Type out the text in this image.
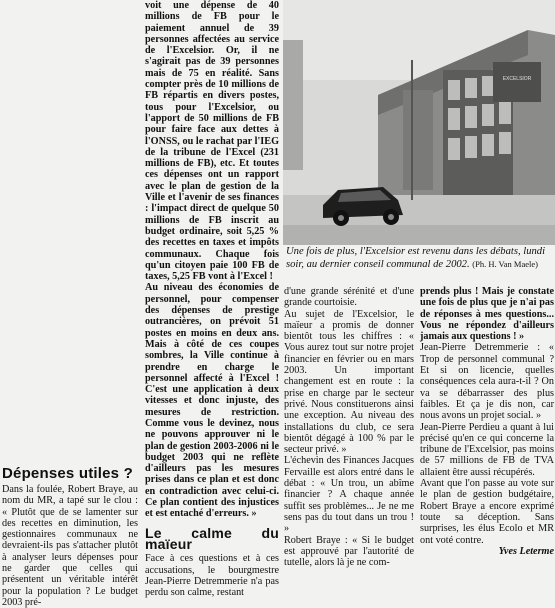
voit une dépense de 40 millions de FB pour le paiement annuel de 39 personnes affectées au service de l'Excelsior. Or, il ne s'agirait pas de 39 personnes mais de 75 en réalité. Sans compter près de 10 millions de FB répartis en divers postes, tous pour l'Excelsior, ou l'apport de 50 millions de FB pour faire face aux dettes à l'ONSS, ou le rachat par l'IEG de la tribune de l'Excel (231 millions de FB), etc. Et toutes ces dépenses ont un rapport avec le plan de gestion de la Ville et l'avenir de ses finances : l'impact direct de quelque 50 millions de FB inscrit au budget ordinaire, soit 5,25 % des recettes en taxes et impôts communaux. Chaque fois qu'un citoyen paie 100 FB de taxes, 5,25 FB vont à l'Excel !

Au niveau des économies de personnel, pour compenser des dépenses de prestige outrancières, on prévoit 51 postes en moins en deux ans. Mais à côté de ces coupes sombres, la Ville continue à prendre en charge le personnel affecté à l'Excel ! C'est une application à deux vitesses et donc injuste, des mesures de restriction. Comme vous le devinez, nous ne pouvons approuver ni le plan de gestion 2003-2006 ni le budget 2003 qui ne reflète d'ailleurs pas les mesures prises dans ce plan et est donc en contradiction avec celui-ci. Ce plan contient des injustices et est entaché d'erreurs. »

Le calme du maïeur

Face à ces questions et à ces accusations, le bourgmestre Jean-Pierre Detremmerie n'a pas perdu son calme, restant

Dépenses utiles ?

Dans la foulée, Robert Braye, au nom du MR, a tapé sur le clou : « Plutôt que de se lamenter sur des recettes en diminution, les gestionnaires communaux ne devraient-ils pas s'attacher plutôt à analyser leurs dépenses pour ne garder que celles qui présentent un véritable intérêt pour la population ? Le budget 2003 pré-

EXCELSIOR
Une fois de plus, l'Excelsior est revenu dans les débats, lundi soir, au dernier conseil communal de 2002. (Ph. H. Van Maele)

d'une grande sérénité et d'une grande courtoisie.

Au sujet de l'Excelsior, le maïeur a promis de donner bientôt tous les chiffres : « Vous aurez tout sur notre projet financier en février ou en mars 2003. Un important changement est en route : la prise en charge par le secteur privé. Nous constituerons ainsi une exception. Au niveau des installations du club, ce sera bientôt dégagé à 100 % par le secteur privé. »

L'échevin des Finances Jacques Fervaille est alors entré dans le débat : « Un trou, un abîme financier ? A chaque année suffit ses problèmes... Je ne me sens pas du tout dans un trou ! »

Robert Braye : « Si le budget est approuvé par l'autorité de tutelle, alors là je ne com-

prends plus ! Mais je constate une fois de plus que je n'ai pas de réponses à mes questions... Vous ne répondez d'ailleurs jamais aux questions ! »

Jean-Pierre Detremmerie : « Trop de personnel communal ? Et si on licencie, quelles conséquences cela aura-t-il ? On va se débarrasser des plus faibles. Et ça je dis non, car nous avons un projet social. »

Jean-Pierre Perdieu a quant à lui précisé qu'en ce qui concerne la tribune de l'Excelsior, pas moins de 57 millions de FB de TVA allaient être aussi récupérés.

Avant que l'on passe au vote sur le plan de gestion budgétaire, Robert Braye a encore exprimé toute sa déception. Sans surprises, les élus Ecolo et MR ont voté contre.

Yves Leterme
